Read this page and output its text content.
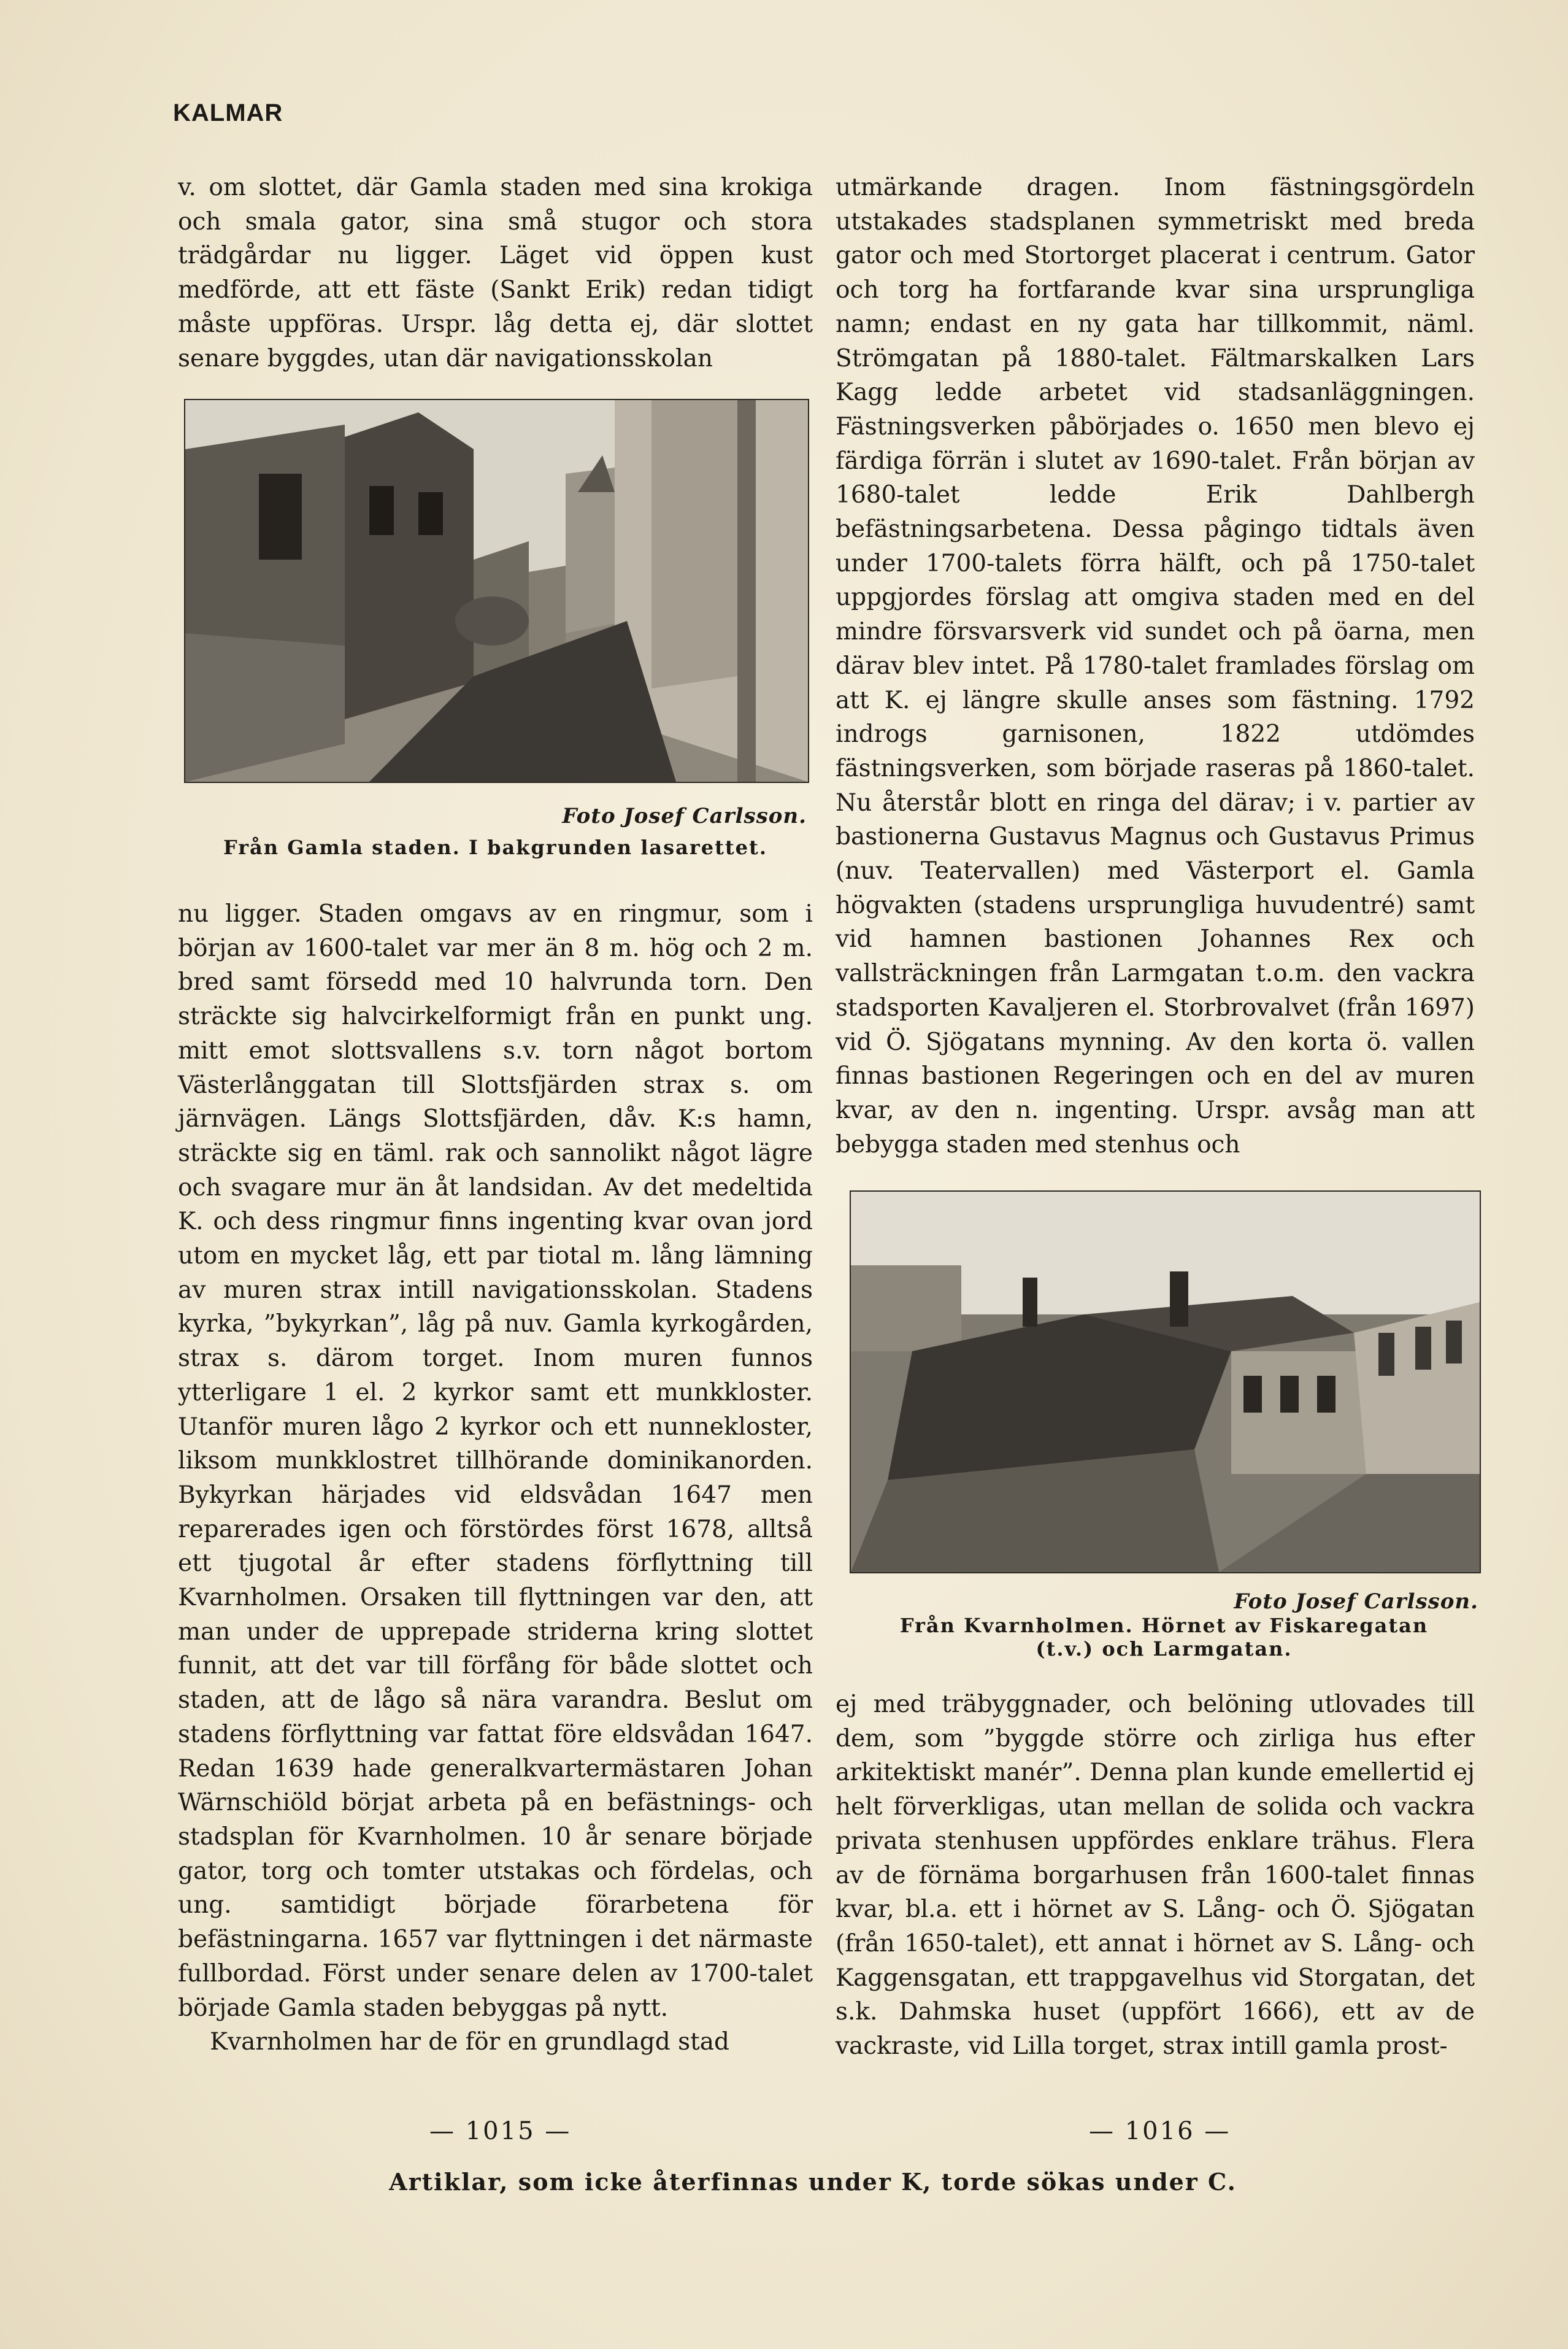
KALMAR

v. om slottet, där Gamla staden med sina krokiga och smala gator, sina små stugor och stora trädgårdar nu ligger. Läget vid öppen kust medförde, att ett fäste (Sankt Erik) redan tidigt måste uppföras. Urspr. låg detta ej, där slottet senare byggdes, utan där navigationsskolan

Foto Josef Carlsson.
Från Gamla staden. I bakgrunden lasarettet.

nu ligger. Staden omgavs av en ringmur, som i början av 1600-talet var mer än 8 m. hög och 2 m. bred samt försedd med 10 halvrunda torn. Den sträckte sig halvcirkelformigt från en punkt ung. mitt emot slottsvallens s.v. torn något bortom Västerlånggatan till Slottsfjärden strax s. om järnvägen. Längs Slottsfjärden, dåv. K:s hamn, sträckte sig en täml. rak och sannolikt något lägre och svagare mur än åt landsidan. Av det medeltida K. och dess ringmur finns ingenting kvar ovan jord utom en mycket låg, ett par tiotal m. lång lämning av muren strax intill navigationsskolan. Stadens kyrka, ”bykyrkan”, låg på nuv. Gamla kyrkogården, strax s. därom torget. Inom muren funnos ytterligare 1 el. 2 kyrkor samt ett munkkloster. Utanför muren lågo 2 kyrkor och ett nunnekloster, liksom munkklostret tillhörande dominikanorden. Bykyrkan härjades vid eldsvådan 1647 men reparerades igen och förstördes först 1678, alltså ett tjugotal år efter stadens förflyttning till Kvarnholmen. Orsaken till flyttningen var den, att man under de upprepade striderna kring slottet funnit, att det var till förfång för både slottet och staden, att de lågo så nära varandra. Beslut om stadens förflyttning var fattat före eldsvådan 1647. Redan 1639 hade generalkvartermästaren Johan Wärnschiöld börjat arbeta på en befästnings- och stadsplan för Kvarnholmen. 10 år senare började gator, torg och tomter utstakas och fördelas, och ung. samtidigt började förarbetena för befästningarna. 1657 var flyttningen i det närmaste fullbordad. Först under senare delen av 1700-talet började Gamla staden bebyggas på nytt.

Kvarnholmen har de för en grundlagd stad

— 1015 —

utmärkande dragen. Inom fästningsgördeln utstakades stadsplanen symmetriskt med breda gator och med Stortorget placerat i centrum. Gator och torg ha fortfarande kvar sina ursprungliga namn; endast en ny gata har tillkommit, näml. Strömgatan på 1880-talet. Fältmarskalken Lars Kagg ledde arbetet vid stadsanläggningen. Fästningsverken påbörjades o. 1650 men blevo ej färdiga förrän i slutet av 1690-talet. Från början av 1680-talet ledde Erik Dahlbergh befästningsarbetena. Dessa pågingo tidtals även under 1700-talets förra hälft, och på 1750-talet uppgjordes förslag att omgiva staden med en del mindre försvarsverk vid sundet och på öarna, men därav blev intet. På 1780-talet framlades förslag om att K. ej längre skulle anses som fästning. 1792 indrogs garnisonen, 1822 utdömdes fästningsverken, som började raseras på 1860-talet. Nu återstår blott en ringa del därav; i v. partier av bastionerna Gustavus Magnus och Gustavus Primus (nuv. Teatervallen) med Västerport el. Gamla högvakten (stadens ursprungliga huvudentré) samt vid hamnen bastionen Johannes Rex och vallsträckningen från Larmgatan t.o.m. den vackra stadsporten Kavaljeren el. Storbrovalvet (från 1697) vid Ö. Sjögatans mynning. Av den korta ö. vallen finnas bastionen Regeringen och en del av muren kvar, av den n. ingenting. Urspr. avsåg man att bebygga staden med stenhus och

Foto Josef Carlsson.
Från Kvarnholmen. Hörnet av Fiskaregatan
(t.v.) och Larmgatan.

ej med träbyggnader, och belöning utlovades till dem, som ”byggde större och zirliga hus efter arkitektiskt manér”. Denna plan kunde emellertid ej helt förverkligas, utan mellan de solida och vackra privata stenhusen uppfördes enklare trähus. Flera av de förnäma borgarhusen från 1600-talet finnas kvar, bl.a. ett i hörnet av S. Lång- och Ö. Sjögatan (från 1650-talet), ett annat i hörnet av S. Lång- och Kaggensgatan, ett trappgavelhus vid Storgatan, det s.k. Dahmska huset (uppfört 1666), ett av de vackraste, vid Lilla torget, strax intill gamla prost-

— 1016 —
Artiklar, som icke återfinnas under K, torde sökas under C.
